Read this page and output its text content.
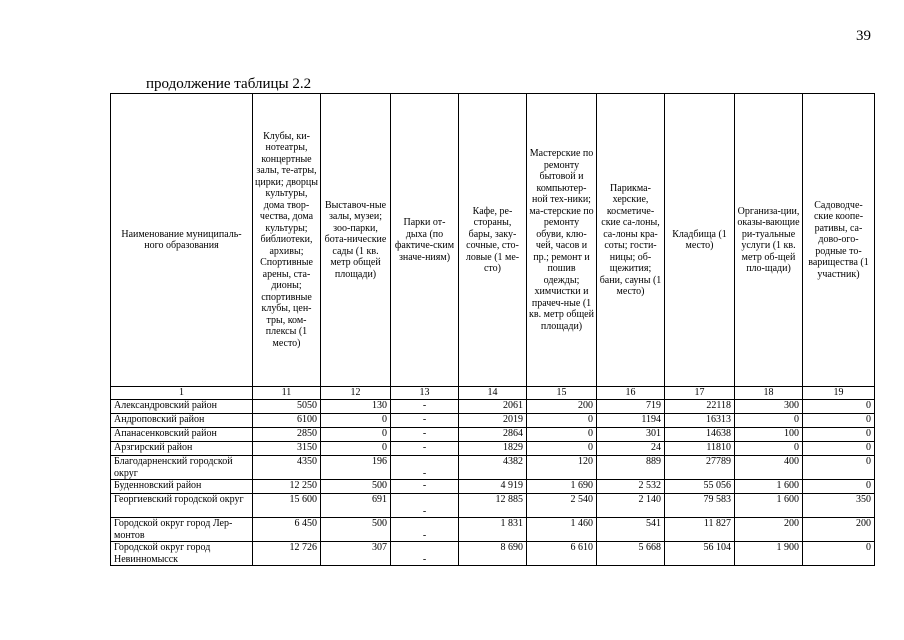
39
продолжение таблицы 2.2
Наименование муниципаль-ного образования	Клубы, ки-нотеатры, концертные залы, те-атры, цирки; дворцы культуры, дома твор-чества, дома культуры; библиотеки, архивы; Спортивные арены, ста-дионы; спортивные клубы, цен-тры, ком-плексы (1 место)	Выставоч-ные залы, музеи; зоо-парки, бота-нические сады (1 кв. метр общей площади)	Парки от-дыха (по фактиче-ским значе-ниям)	Кафе, ре-стораны, бары, заку-сочные, сто-ловые (1 ме-сто)	Мастерские по ремонту бытовой и компьютер-ной тех-ники; ма-стерские по ремонту обуви, клю-чей, часов и пр.; ремонт и пошив одежды; химчистки и прачеч-ные (1 кв. метр общей площади)	Парикма-херские, косметиче-ские са-лоны, са-лоны кра-соты; гости-ницы; об-щежития; бани, сауны (1 место)	Кладбища (1 место)	Организа-ции, оказы-вающие ри-туальные услуги (1 кв. метр об-щей пло-щади)	Садоводче-ские коопе-ративы, са-дово-ого-родные то-варищества (1 участник)
1	11	12	13	14	15	16	17	18	19
Александровский район	5050	130	-	2061	200	719	22118	300	0
Андроповский район	6100	0	-	2019	0	1194	16313	0	0
Апанасенковский район	2850	0	-	2864	0	301	14638	100	0
Арзгирский район	3150	0	-	1829	0	24	11810	0	0
Благодарненский городской округ	4350	196	-	4382	120	889	27789	400	0
Буденновский район	12 250	500	-	4 919	1 690	2 532	55 056	1 600	0
Георгиевский городской округ	15 600	691	-	12 885	2 540	2 140	79 583	1 600	350
Городской округ город Лер-монтов	6 450	500	-	1 831	1 460	541	11 827	200	200
Городской округ город Невинномысск	12 726	307	-	8 690	6 610	5 668	56 104	1 900	0
